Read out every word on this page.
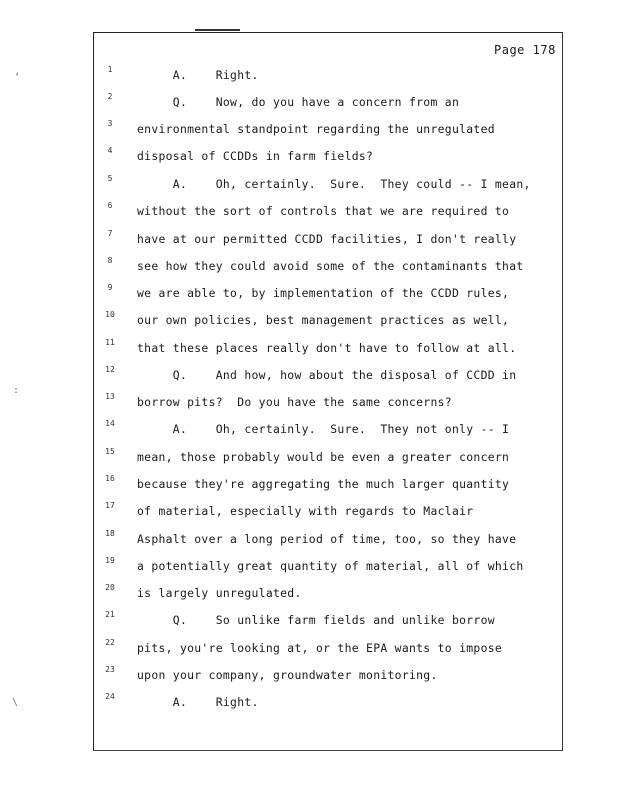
ʻ
:
\
Page 178
1	A.    Right.
2	Q.    Now, do you have a concern from an
3	environmental standpoint regarding the unregulated
4	disposal of CCDDs in farm fields?
5	A.    Oh, certainly.  Sure.  They could -- I mean,
6	without the sort of controls that we are required to
7	have at our permitted CCDD facilities, I don't really
8	see how they could avoid some of the contaminants that
9	we are able to, by implementation of the CCDD rules,
10	our own policies, best management practices as well,
11	that these places really don't have to follow at all.
12	Q.    And how, how about the disposal of CCDD in
13	borrow pits?  Do you have the same concerns?
14	A.    Oh, certainly.  Sure.  They not only -- I
15	mean, those probably would be even a greater concern
16	because they're aggregating the much larger quantity
17	of material, especially with regards to Maclair
18	Asphalt over a long period of time, too, so they have
19	a potentially great quantity of material, all of which
20	is largely unregulated.
21	Q.    So unlike farm fields and unlike borrow
22	pits, you're looking at, or the EPA wants to impose
23	upon your company, groundwater monitoring.
24	A.    Right.
